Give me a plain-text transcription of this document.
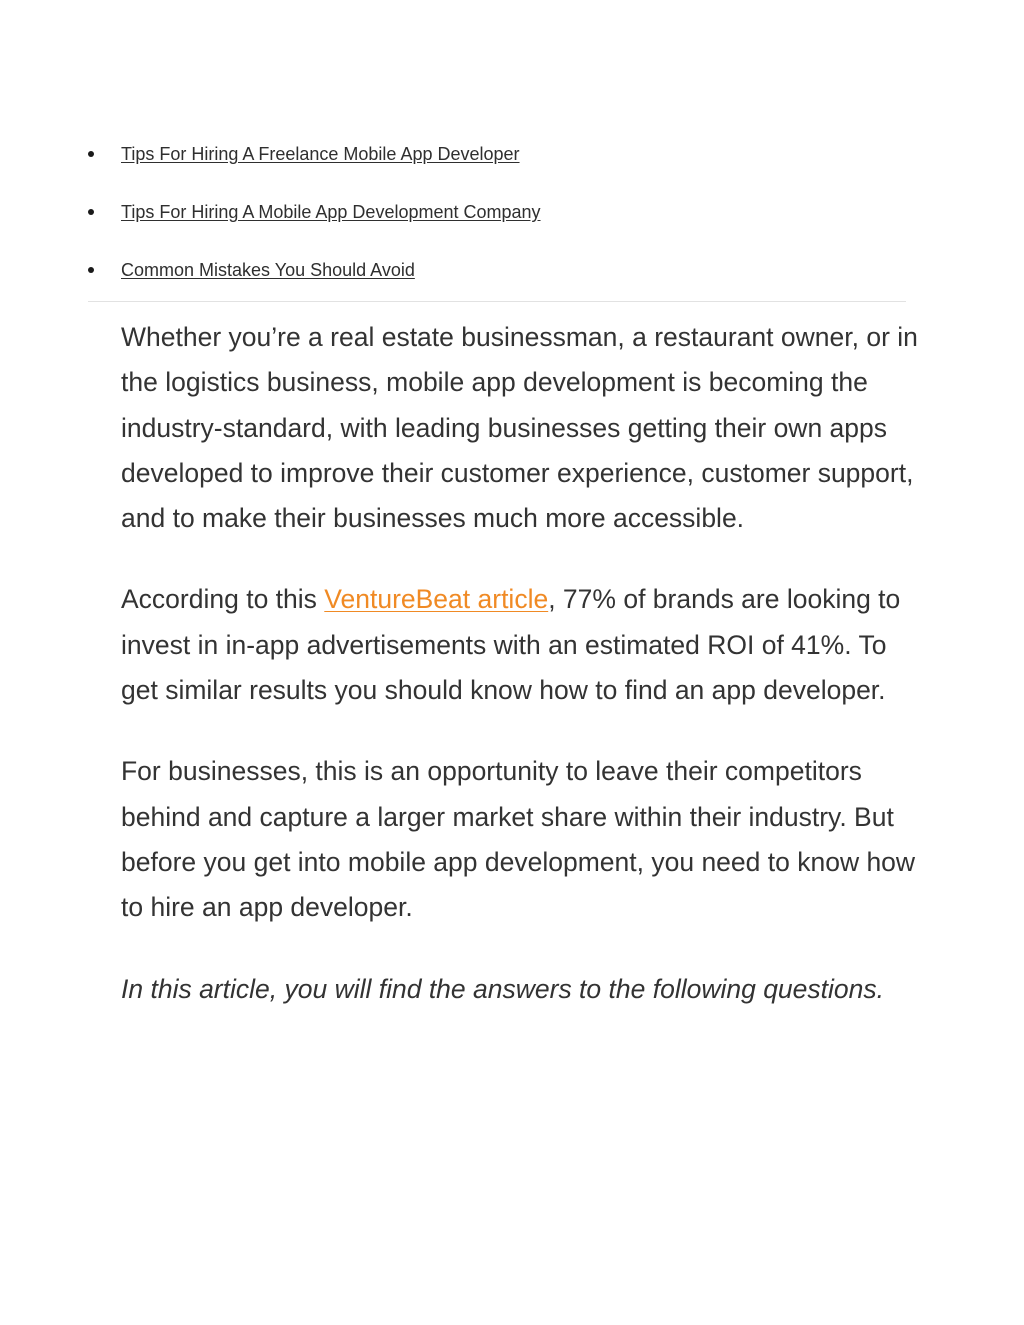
Tips For Hiring A Freelance Mobile App Developer
Tips For Hiring A Mobile App Development Company
Common Mistakes You Should Avoid

Whether you’re a real estate businessman, a restaurant owner, or in the logistics business, mobile app development is becoming the industry-standard, with leading businesses getting their own apps developed to improve their customer experience, customer support, and to make their businesses much more accessible.

According to this VentureBeat article, 77% of brands are looking to invest in in-app advertisements with an estimated ROI of 41%. To get similar results you should know how to find an app developer.

For businesses, this is an opportunity to leave their competitors behind and capture a larger market share within their industry. But before you get into mobile app development, you need to know how to hire an app developer.

In this article, you will find the answers to the following questions.
